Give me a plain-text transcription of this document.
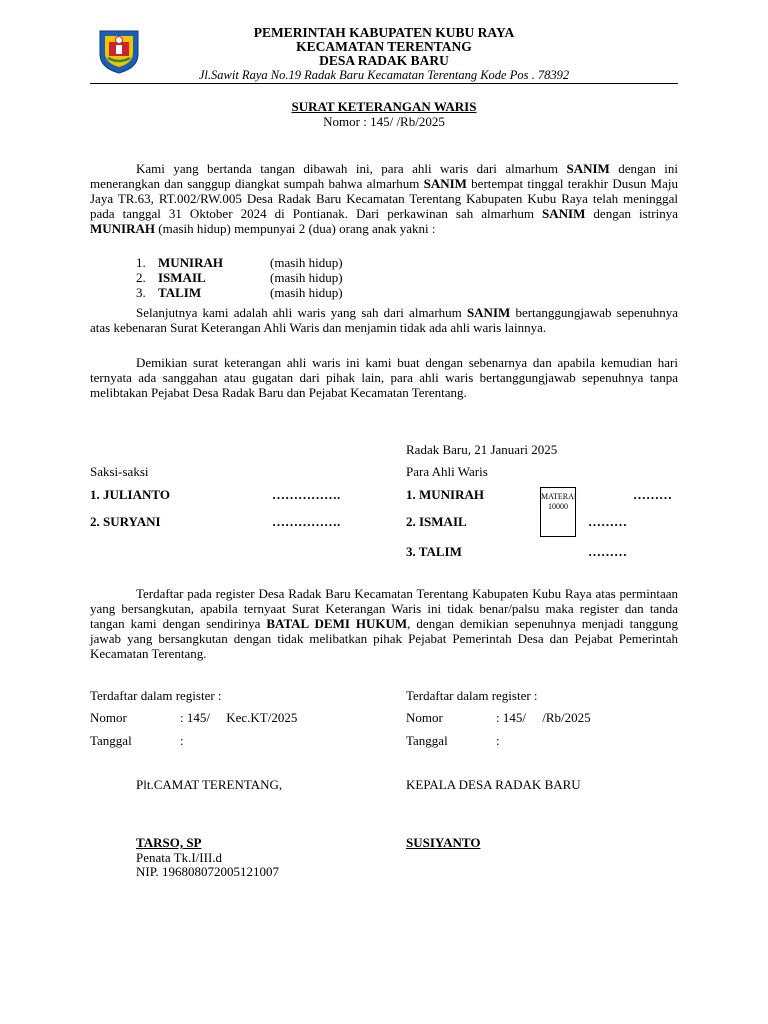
PEMERINTAH KABUPATEN KUBU RAYA
KECAMATAN TERENTANG
DESA RADAK BARU
Jl.Sawit Raya No.19 Radak Baru Kecamatan Terentang Kode Pos . 78392
SURAT KETERANGAN WARIS
Nomor : 145/ /Rb/2025

Kami yang bertanda tangan dibawah ini, para ahli waris dari almarhum SANIM dengan ini menerangkan dan sanggup diangkat sumpah bahwa almarhum SANIM bertempat tinggal terakhir Dusun Maju Jaya TR.63, RT.002/RW.005 Desa Radak Baru Kecamatan Terentang Kabupaten Kubu Raya telah meninggal pada tanggal 31 Oktober 2024 di Pontianak. Dari perkawinan sah almarhum SANIM dengan istrinya MUNIRAH (masih hidup) mempunyai 2 (dua) orang anak yakni :

1. MUNIRAH	(masih hidup)
2. ISMAIL	(masih hidup)
3. TALIM	(masih hidup)

Selanjutnya kami adalah ahli waris yang sah dari almarhum SANIM bertanggungjawab sepenuhnya atas kebenaran Surat Keterangan Ahli Waris dan menjamin tidak ada ahli waris lainnya.

Demikian surat keterangan ahli waris ini kami buat dengan sebenarnya dan apabila kemudian hari ternyata ada sanggahan atau gugatan dari pihak lain, para ahli waris bertanggungjawab sepenuhnya tanpa melibtakan Pejabat Desa Radak Baru dan Pejabat Kecamatan Terentang.

Radak Baru, 21 Januari 2025
Saksi-saksi	Para Ahli Waris
1. JULIANTO	…………….
2. SURYANI	…………….
1. MUNIRAH	………
2. ISMAIL	………
3. TALIM	………
MATERAI
10000

Terdaftar pada register Desa Radak Baru Kecamatan Terentang Kabupaten Kubu Raya atas permintaan yang bersangkutan, apabila ternyaat Surat Keterangan Waris ini tidak benar/palsu maka register dan tanda tangan kami dengan sendirinya BATAL DEMI HUKUM, dengan demikian sepenuhnya menjadi tanggung jawab yang bersangkutan dengan tidak melibatkan pihak Pejabat Pemerintah Desa dan Pejabat Pemerintah Kecamatan Terentang.

Terdaftar dalam register :
Nomor	: 145/     Kec.KT/2025
Tanggal	:
Terdaftar dalam register :
Nomor	: 145/     /Rb/2025
Tanggal	:
Plt.CAMAT TERENTANG,	KEPALA DESA RADAK BARU
TARSO, SP
Penata Tk.I/III.d
NIP. 196808072005121007
SUSIYANTO
